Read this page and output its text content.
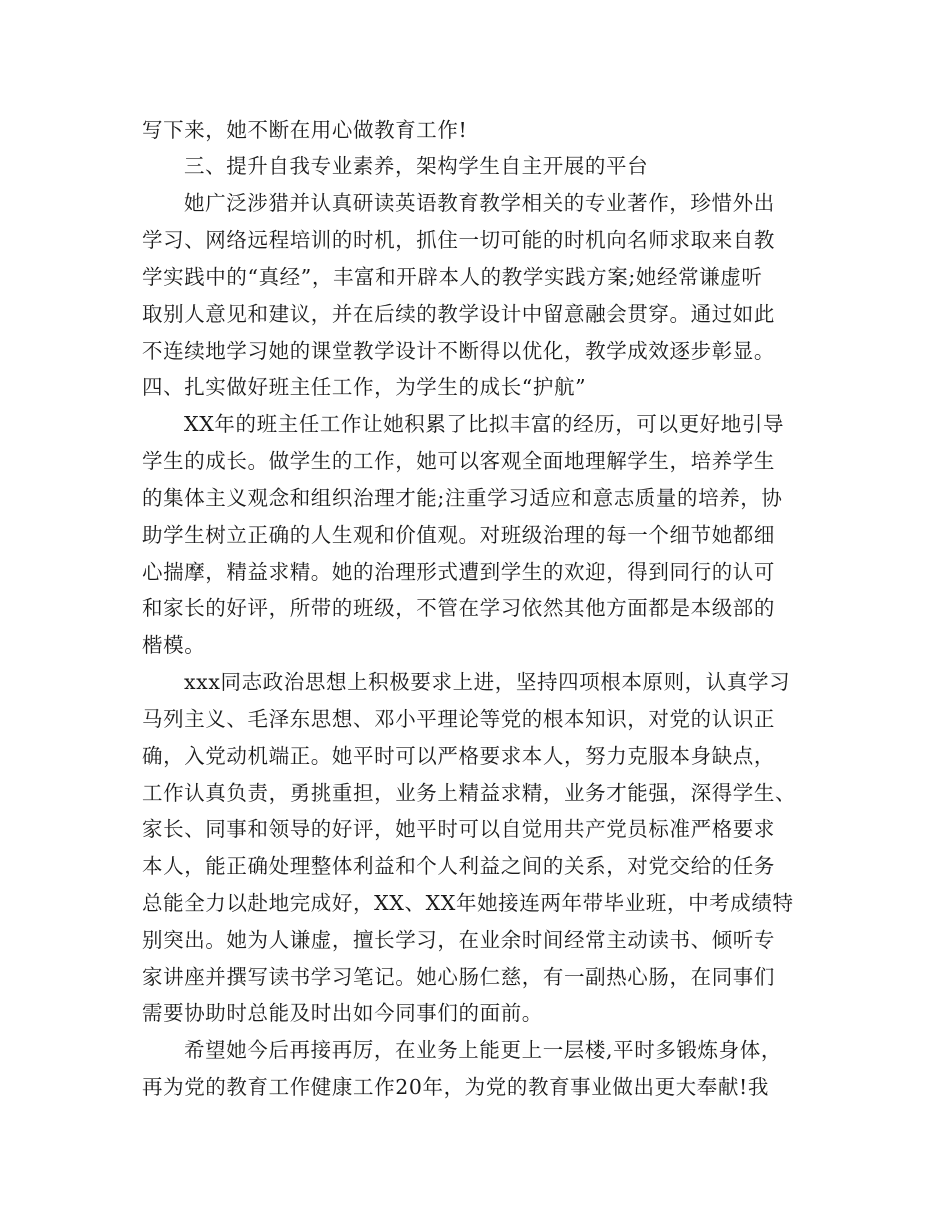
写下来，她不断在用心做教育工作!
三、提升自我专业素养，架构学生自主开展的平台
她广泛涉猎并认真研读英语教育教学相关的专业著作，珍惜外出
学习、网络远程培训的时机，抓住一切可能的时机向名师求取来自教
学实践中的“真经”，丰富和开辟本人的教学实践方案;她经常谦虚听
取别人意见和建议，并在后续的教学设计中留意融会贯穿。通过如此
不连续地学习她的课堂教学设计不断得以优化，教学成效逐步彰显。
四、扎实做好班主任工作，为学生的成长“护航”
XX年的班主任工作让她积累了比拟丰富的经历，可以更好地引导
学生的成长。做学生的工作，她可以客观全面地理解学生，培养学生
的集体主义观念和组织治理才能;注重学习适应和意志质量的培养，协
助学生树立正确的人生观和价值观。对班级治理的每一个细节她都细
心揣摩，精益求精。她的治理形式遭到学生的欢迎，得到同行的认可
和家长的好评，所带的班级，不管在学习依然其他方面都是本级部的
楷模。
xxx同志政治思想上积极要求上进，坚持四项根本原则，认真学习
马列主义、毛泽东思想、邓小平理论等党的根本知识，对党的认识正
确，入党动机端正。她平时可以严格要求本人，努力克服本身缺点，
工作认真负责，勇挑重担，业务上精益求精，业务才能强，深得学生、
家长、同事和领导的好评，她平时可以自觉用共产党员标准严格要求
本人，能正确处理整体利益和个人利益之间的关系，对党交给的任务
总能全力以赴地完成好，XX、XX年她接连两年带毕业班，中考成绩特
别突出。她为人谦虚，擅长学习，在业余时间经常主动读书、倾听专
家讲座并撰写读书学习笔记。她心肠仁慈，有一副热心肠，在同事们
需要协助时总能及时出如今同事们的面前。
希望她今后再接再厉，在业务上能更上一层楼,平时多锻炼身体，
再为党的教育工作健康工作20年，为党的教育事业做出更大奉献!我
